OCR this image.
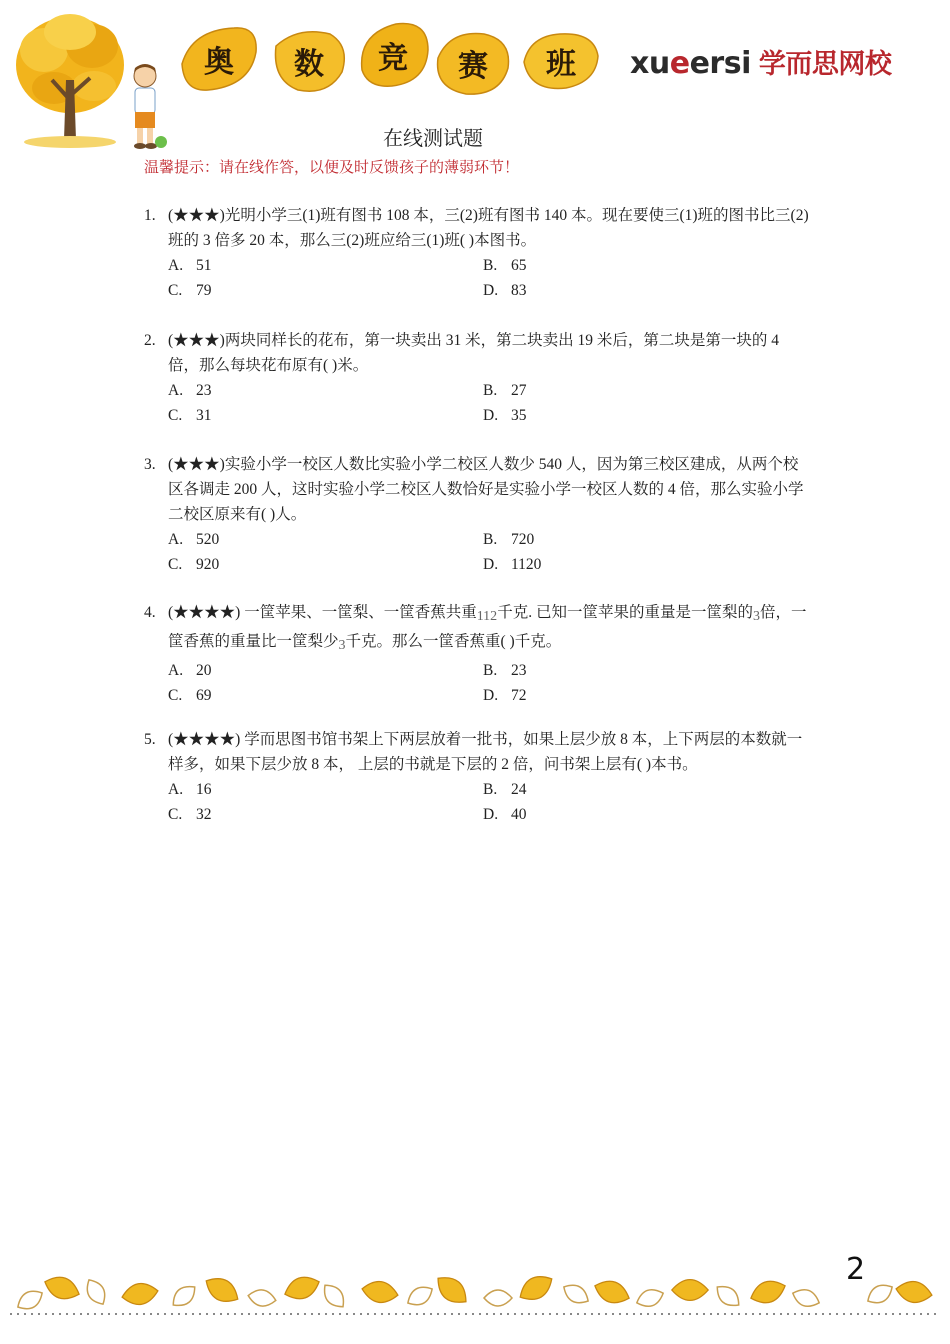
奥	数	竞	赛	班	xueersi 学而思网校
在线测试题
温馨提示：请在线作答，以便及时反馈孩子的薄弱环节！
1. (★★★)光明小学三(1)班有图书 108 本，三(2)班有图书 140 本。现在要使三(1)班的图书比三(2)班的 3 倍多 20 本，那么三(2)班应给三(1)班( )本图书。
A. 51	B. 65
C. 79	D. 83
2. (★★★)两块同样长的花布，第一块卖出 31 米，第二块卖出 19 米后，第二块是第一块的 4 倍，那么每块花布原有( )米。
A. 23	B. 27
C. 31	D. 35
3. (★★★)实验小学一校区人数比实验小学二校区人数少 540 人，因为第三校区建成，从两个校区各调走 200 人，这时实验小学二校区人数恰好是实验小学一校区人数的 4 倍，那么实验小学二校区原来有( )人。
A. 520	B. 720
C. 920	D. 1120
4. (★★★★) 一筐苹果、一筐梨、一筐香蕉共重112千克. 已知一筐苹果的重量是一筐梨的3倍，一筐香蕉的重量比一筐梨少3千克。那么一筐香蕉重( )千克。
A. 20	B. 23
C. 69	D. 72
5. (★★★★) 学而思图书馆书架上下两层放着一批书，如果上层少放 8 本，上下两层的本数就一样多，如果下层少放 8 本， 上层的书就是下层的 2 倍，问书架上层有( )本书。
A. 16	B. 24
C. 32	D. 40
2
